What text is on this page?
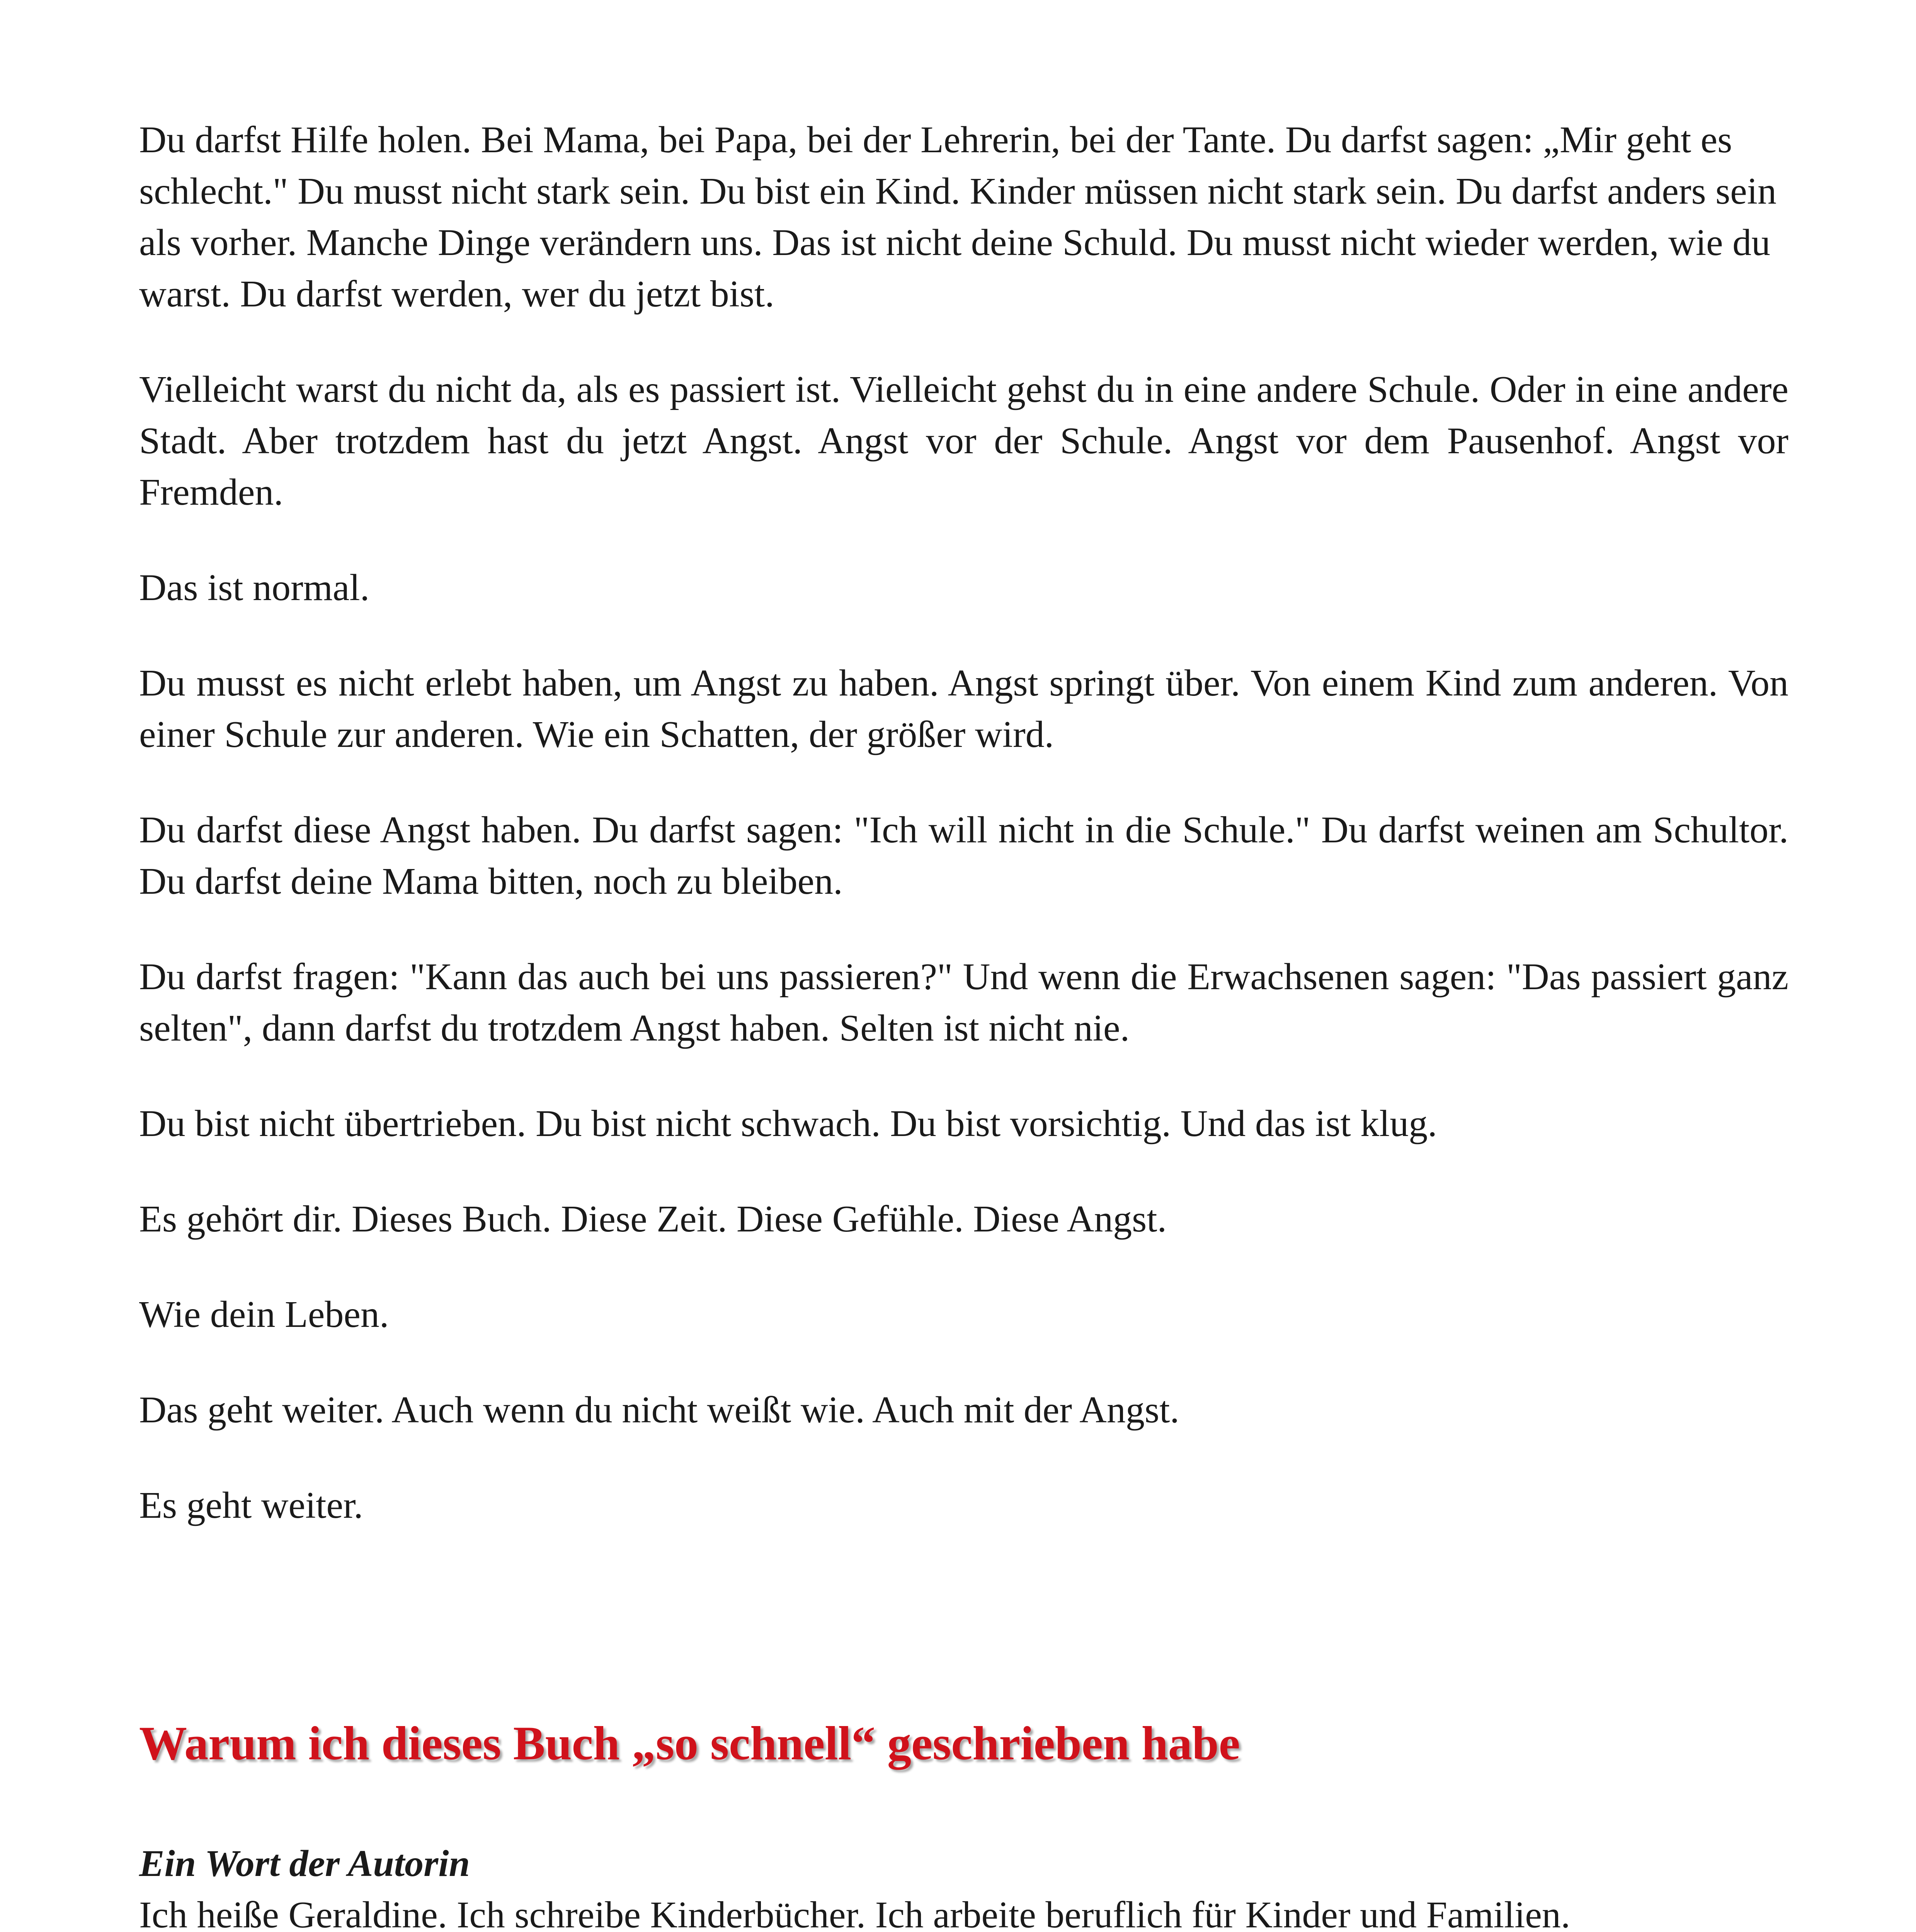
Du darfst Hilfe holen. Bei Mama, bei Papa, bei der Lehrerin, bei der Tante. Du darfst sagen: „Mir geht es schlecht." Du musst nicht stark sein. Du bist ein Kind. Kinder müssen nicht stark sein. Du darfst anders sein als vorher. Manche Dinge verändern uns. Das ist nicht deine Schuld. Du musst nicht wieder werden, wie du warst. Du darfst werden, wer du jetzt bist.

Vielleicht warst du nicht da, als es passiert ist. Vielleicht gehst du in eine andere Schule. Oder in eine andere Stadt. Aber trotzdem hast du jetzt Angst. Angst vor der Schule. Angst vor dem Pausenhof. Angst vor Fremden.

Das ist normal.

Du musst es nicht erlebt haben, um Angst zu haben. Angst springt über. Von einem Kind zum anderen. Von einer Schule zur anderen. Wie ein Schatten, der größer wird.

Du darfst diese Angst haben. Du darfst sagen: "Ich will nicht in die Schule." Du darfst weinen am Schultor. Du darfst deine Mama bitten, noch zu bleiben.

Du darfst fragen: "Kann das auch bei uns passieren?" Und wenn die Erwachsenen sagen: "Das passiert ganz selten", dann darfst du trotzdem Angst haben. Selten ist nicht nie.

Du bist nicht übertrieben. Du bist nicht schwach. Du bist vorsichtig. Und das ist klug.

Es gehört dir. Dieses Buch. Diese Zeit. Diese Gefühle. Diese Angst.

Wie dein Leben.

Das geht weiter. Auch wenn du nicht weißt wie. Auch mit der Angst.

Es geht weiter.

Warum ich dieses Buch „so schnell“ geschrieben habe

Ein Wort der Autorin

Ich heiße Geraldine. Ich schreibe Kinderbücher. Ich arbeite beruflich für Kinder und Familien.
